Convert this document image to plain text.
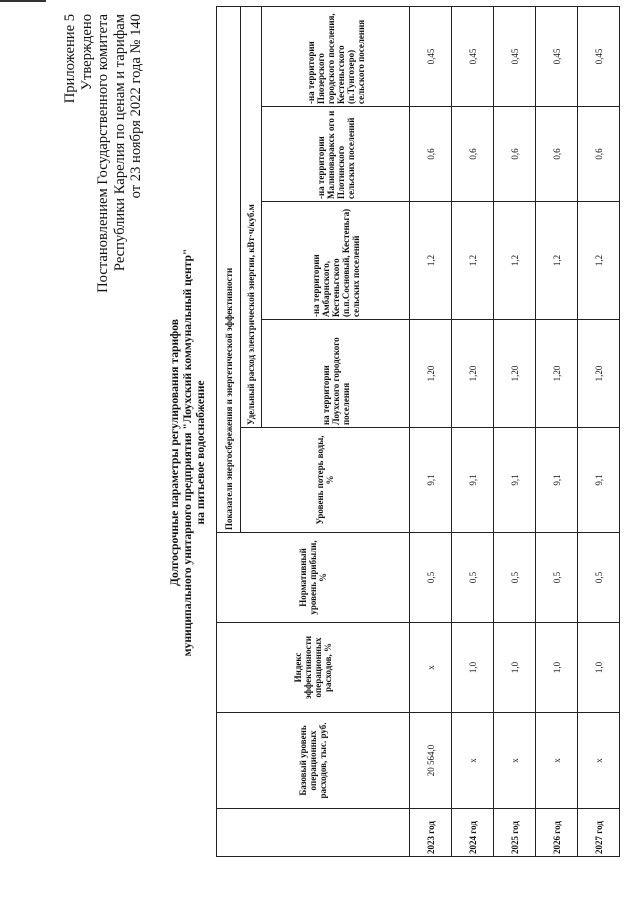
Приложение 5 Утверждено Постановлением Государственного комитета Республики Карелия по ценам и тарифам от 23 ноября 2022 года № 140
Долгосрочные параметры регулирования тарифов муниципального унитарного предприятия "Лоухский коммунальный центр" на питьевое водоснабжение
	Базовый уровень операционных расходов, тыс. руб.	Индекс эффективности операционных расходов, %	Нормативный уровень прибыли, %	Показатели энергосбережения и энергетической эффективности				
				Уровень потерь воды, %	Удельный расход электрической энергии, кВт·ч/куб.м			
					на территории Лоухского городского поселения	-на территории Амбарнского, Кестеньгского (п.п.Сосновый, Кестеньга) сельских поселений	-на территории Малиноварaкск ого и Плотинского сельских поселений	-на территории Пяозерского городского поселения, Кестеньгского (п.Тунгозеро) сельского поселения
2023 год	20 564,0	х	0,5	9,1	1,20	1,2	0,6	0,45
2024 год	х	1,0	0,5	9,1	1,20	1,2	0,6	0,45
2025 год	х	1,0	0,5	9,1	1,20	1,2	0,6	0,45
2026 год	х	1,0	0,5	9,1	1,20	1,2	0,6	0,45
2027 год	х	1,0	0,5	9,1	1,20	1,2	0,6	0,45
